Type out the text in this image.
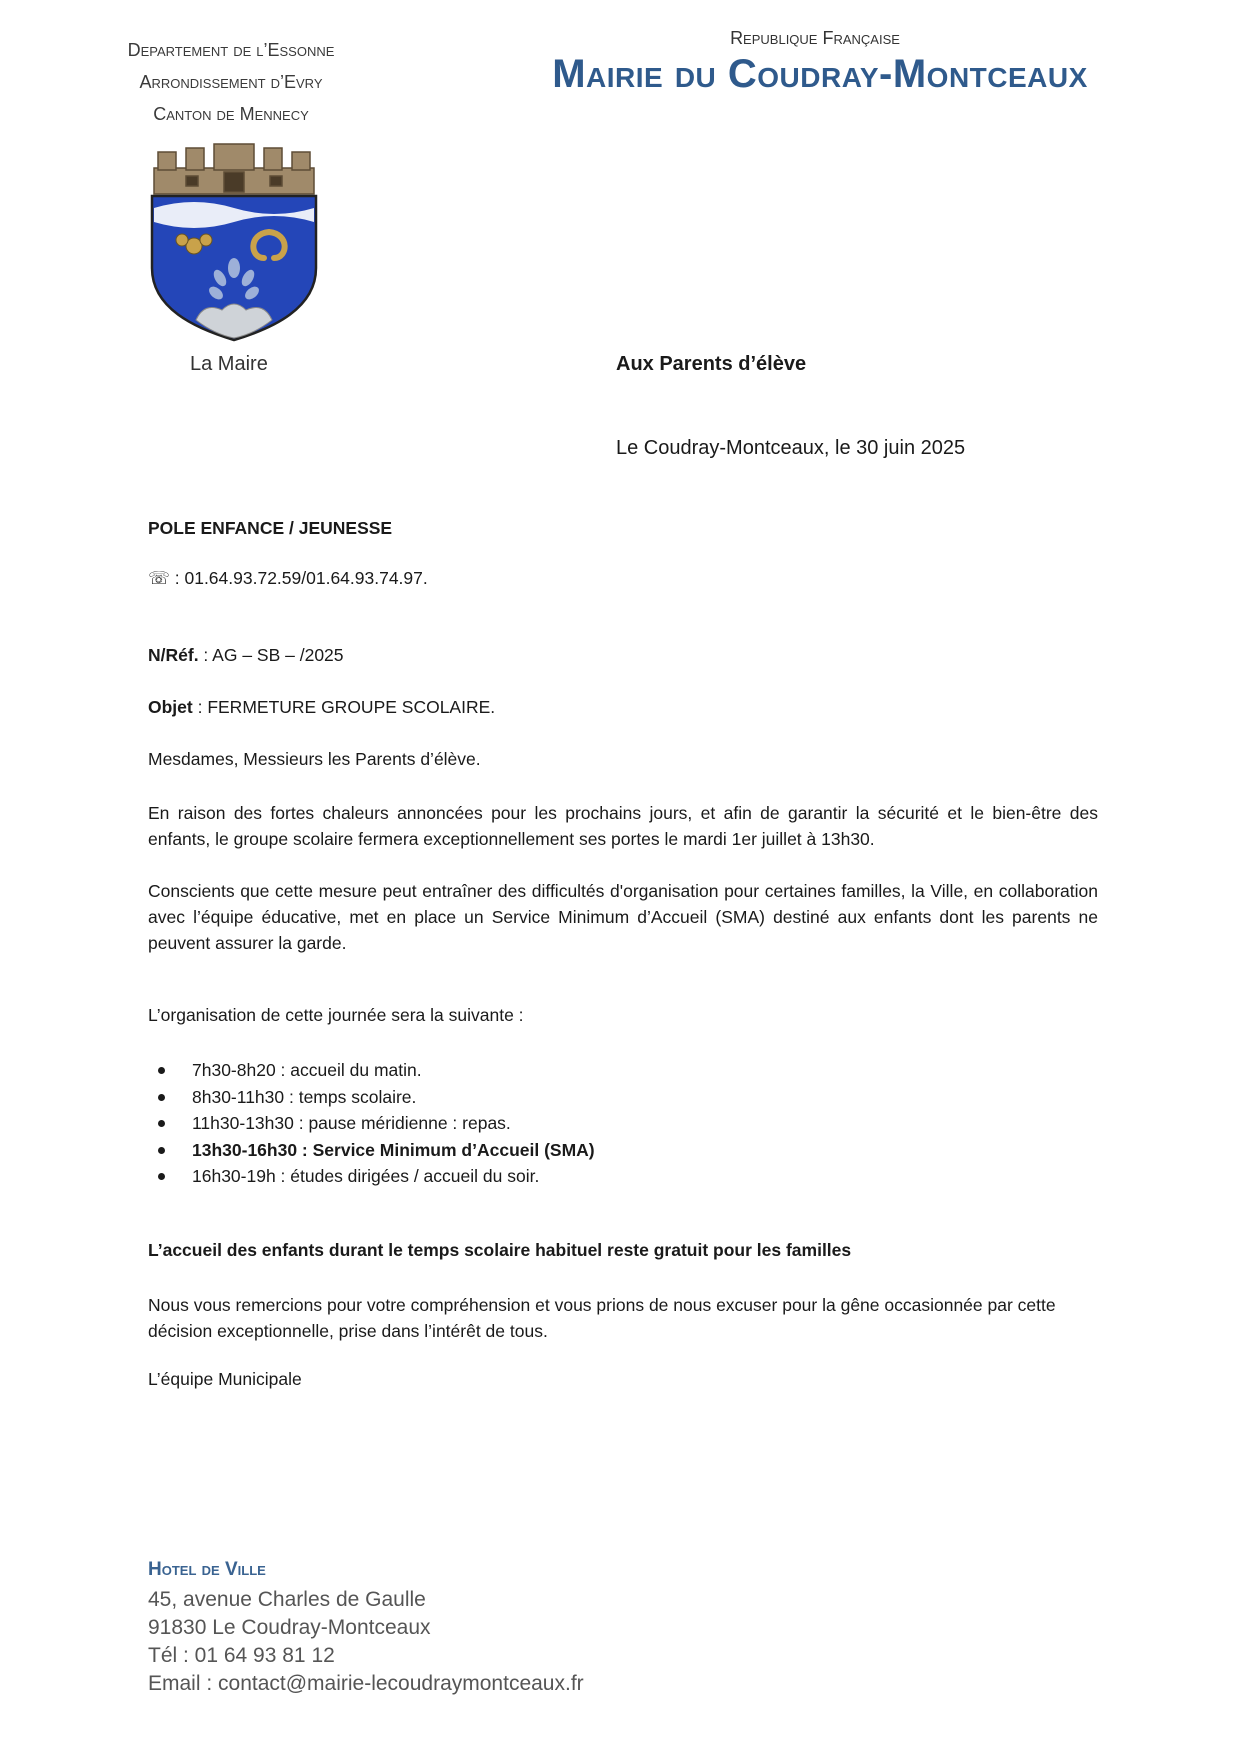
Departement de l’Essonne
Arrondissement d’Evry
Canton de Mennecy
La Maire
Republique Française
Mairie du Coudray-Montceaux
Aux Parents d’élève
Le Coudray-Montceaux, le 30 juin 2025
POLE ENFANCE / JEUNESSE
☏ : 01.64.93.72.59/01.64.93.74.97.
N/Réf. : AG – SB – /2025
Objet : FERMETURE GROUPE SCOLAIRE.
Mesdames, Messieurs les Parents d’élève.
En raison des fortes chaleurs annoncées pour les prochains jours, et afin de garantir la sécurité et le bien-être des enfants, le groupe scolaire fermera exceptionnellement ses portes le mardi 1er juillet à 13h30.
Conscients que cette mesure peut entraîner des difficultés d'organisation pour certaines familles, la Ville, en collaboration avec l’équipe éducative, met en place un Service Minimum d’Accueil (SMA) destiné aux enfants dont les parents ne peuvent assurer la garde.
L’organisation de cette journée sera la suivante :
7h30-8h20 : accueil du matin.
8h30-11h30 : temps scolaire.
11h30-13h30 : pause méridienne : repas.
13h30-16h30 : Service Minimum d’Accueil (SMA)
16h30-19h : études dirigées / accueil du soir.
L’accueil des enfants durant le temps scolaire habituel reste gratuit pour les familles
Nous vous remercions pour votre compréhension et vous prions de nous excuser pour la gêne occasionnée par cette décision exceptionnelle, prise dans l’intérêt de tous.
L’équipe Municipale
Hotel de Ville
45, avenue Charles de Gaulle
91830 Le Coudray-Montceaux
Tél : 01 64 93 81 12
Email : contact@mairie-lecoudraymontceaux.fr
